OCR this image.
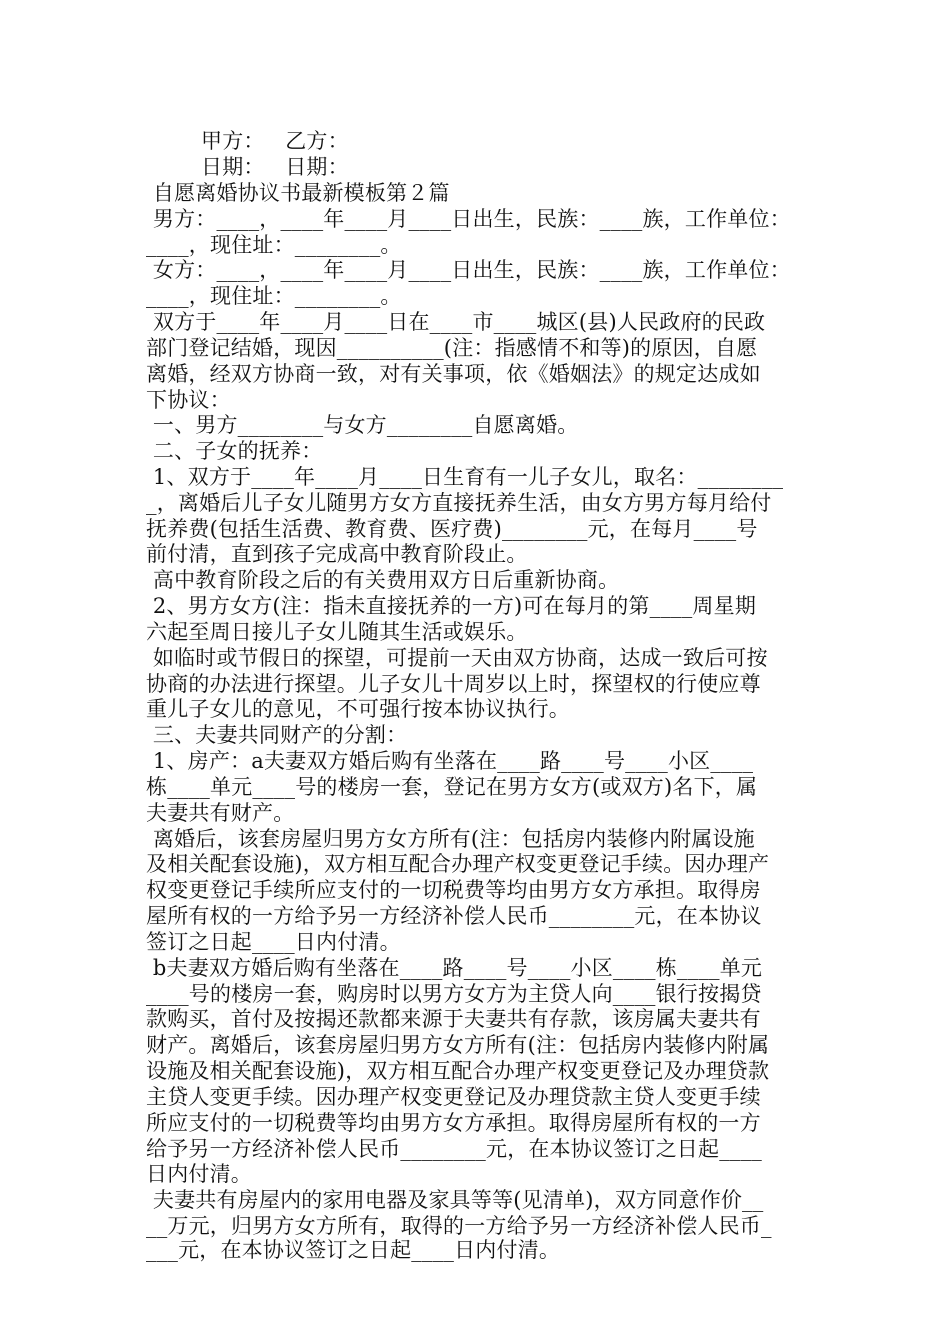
甲方：   乙方：
日期：   日期：
自愿离婚协议书最新模板第２篇
男方：____，____年____月____日出生，民族：____族，工作单位：
____，现住址：________。
女方：____，____年____月____日出生，民族：____族，工作单位：
____，现住址：________。
双方于____年____月____日在____市____城区(县)人民政府的民政
部门登记结婚，现因__________(注：指感情不和等)的原因，自愿
离婚，经双方协商一致，对有关事项，依《婚姻法》的规定达成如
下协议：
一、男方________与女方________自愿离婚。
二、子女的抚养：
1、双方于____年____月____日生育有一儿子女儿，取名：________
_，离婚后儿子女儿随男方女方直接抚养生活，由女方男方每月给付
抚养费(包括生活费、教育费、医疗费)________元，在每月____号
前付清，直到孩子完成高中教育阶段止。
高中教育阶段之后的有关费用双方日后重新协商。
2、男方女方(注：指未直接抚养的一方)可在每月的第____周星期
六起至周日接儿子女儿随其生活或娱乐。
如临时或节假日的探望，可提前一天由双方协商，达成一致后可按
协商的办法进行探望。儿子女儿十周岁以上时，探望权的行使应尊
重儿子女儿的意见，不可强行按本协议执行。
三、夫妻共同财产的分割：
1、房产：a夫妻双方婚后购有坐落在____路____号____小区____
栋____单元____号的楼房一套，登记在男方女方(或双方)名下，属
夫妻共有财产。
离婚后，该套房屋归男方女方所有(注：包括房内装修内附属设施
及相关配套设施)，双方相互配合办理产权变更登记手续。因办理产
权变更登记手续所应支付的一切税费等均由男方女方承担。取得房
屋所有权的一方给予另一方经济补偿人民币________元，在本协议
签订之日起____日内付清。
b夫妻双方婚后购有坐落在____路____号____小区____栋____单元
____号的楼房一套，购房时以男方女方为主贷人向____银行按揭贷
款购买，首付及按揭还款都来源于夫妻共有存款，该房属夫妻共有
财产。离婚后，该套房屋归男方女方所有(注：包括房内装修内附属
设施及相关配套设施)，双方相互配合办理产权变更登记及办理贷款
主贷人变更手续。因办理产权变更登记及办理贷款主贷人变更手续
所应支付的一切税费等均由男方女方承担。取得房屋所有权的一方
给予另一方经济补偿人民币________元，在本协议签订之日起____
日内付清。
夫妻共有房屋内的家用电器及家具等等(见清单)，双方同意作价__
__万元，归男方女方所有，取得的一方给予另一方经济补偿人民币_
___元，在本协议签订之日起____日内付清。
